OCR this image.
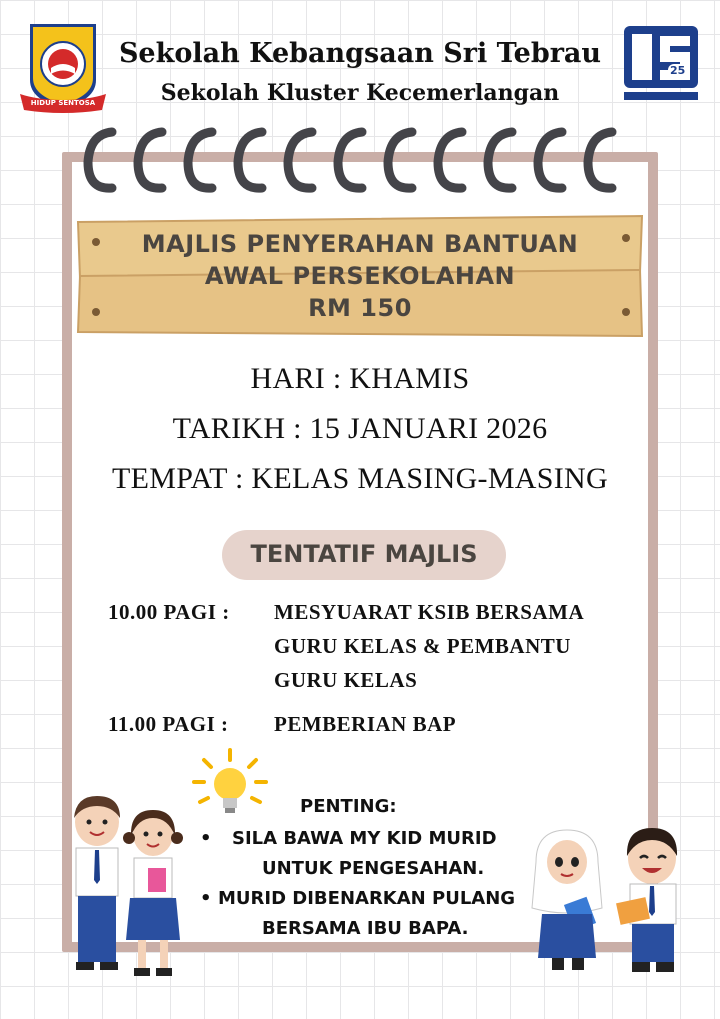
HIDUP SENTOSA
Sekolah Kebangsaan Sri Tebrau
Sekolah Kluster Kecemerlangan
25
MAJLIS PENYERAHAN BANTUAN
AWAL PERSEKOLAHAN
RM 150
HARI : KHAMIS
TARIKH : 15 JANUARI 2026
TEMPAT : KELAS MASING-MASING
TENTATIF MAJLIS
10.00 PAGI : MESYUARAT KSIB BERSAMA
GURU KELAS & PEMBANTU
GURU KELAS
11.00 PAGI : PEMBERIAN BAP
PENTING:
• SILA BAWA MY KID MURID
UNTUK PENGESAHAN.
• MURID DIBENARKAN PULANG
BERSAMA IBU BAPA.
